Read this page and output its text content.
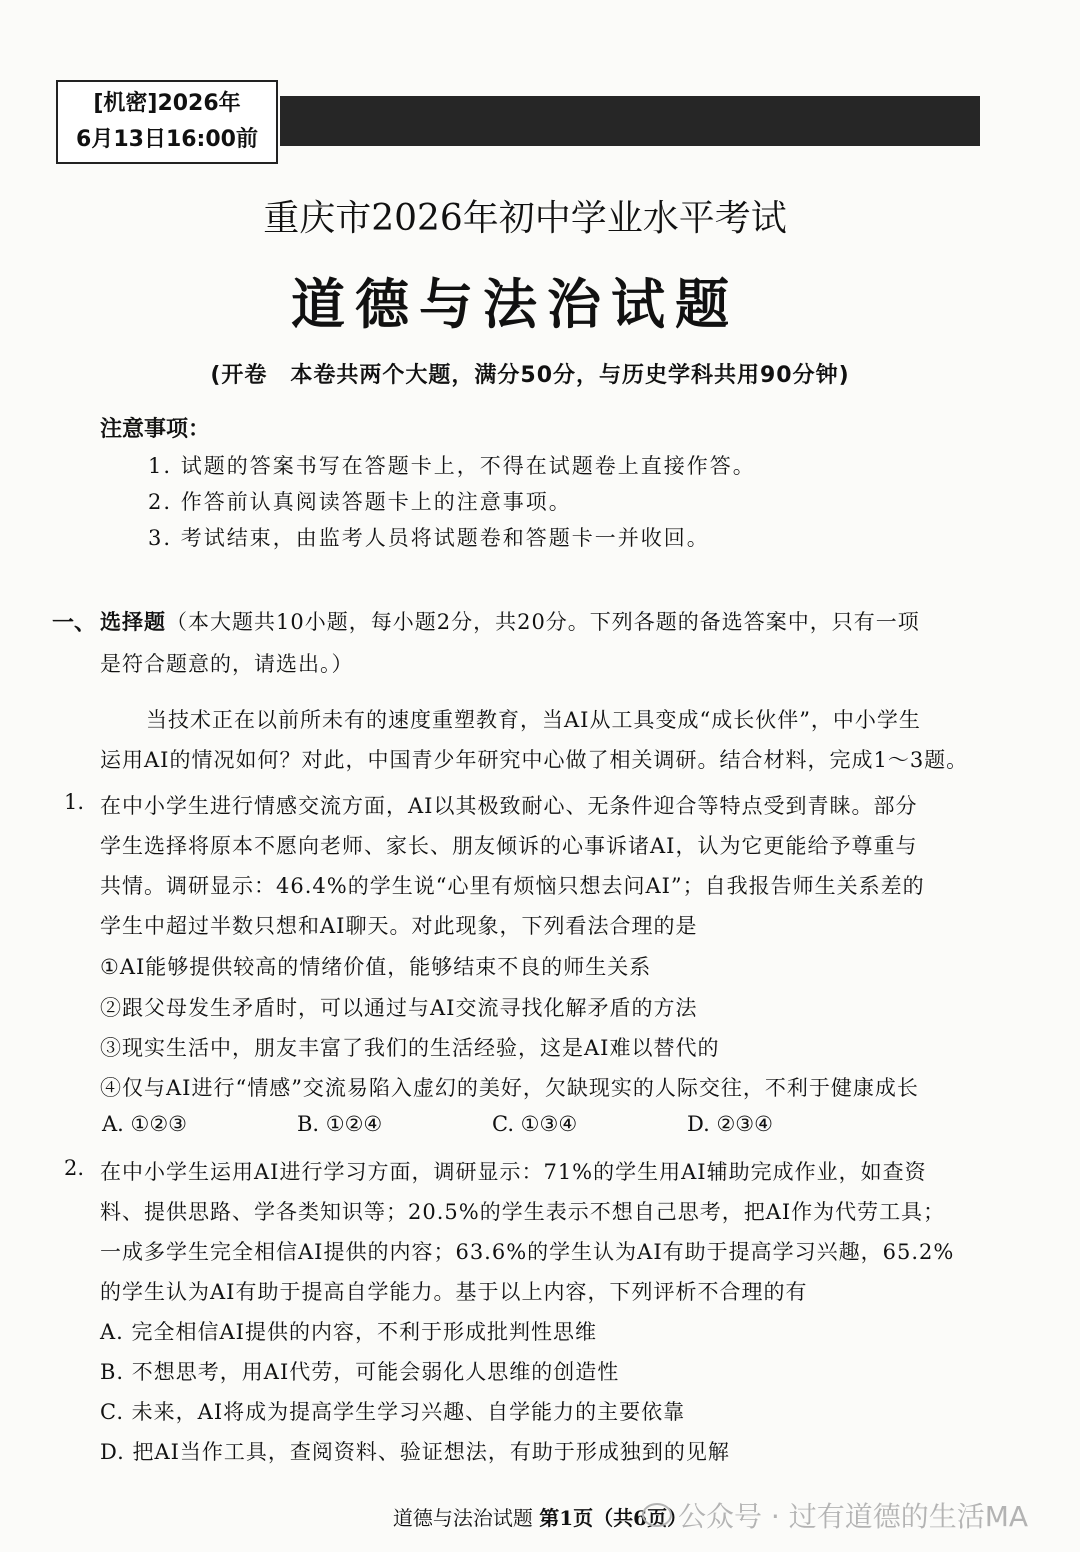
[机密]2026年
6月13日16:00前
重庆市2026年初中学业水平考试
道德与法治试题
(开卷　本卷共两个大题，满分50分，与历史学科共用90分钟)
注意事项：
1. 试题的答案书写在答题卡上，不得在试题卷上直接作答。
2. 作答前认真阅读答题卡上的注意事项。
3. 考试结束，由监考人员将试题卷和答题卡一并收回。
一、 选择题（本大题共10小题，每小题2分，共20分。下列各题的备选答案中，只有一项
是符合题意的，请选出。）
当技术正在以前所未有的速度重塑教育，当AI从工具变成“成长伙伴”，中小学生
运用AI的情况如何？对此，中国青少年研究中心做了相关调研。结合材料，完成1～3题。
1. 在中小学生进行情感交流方面，AI以其极致耐心、无条件迎合等特点受到青睐。部分
学生选择将原本不愿向老师、家长、朋友倾诉的心事诉诸AI，认为它更能给予尊重与
共情。调研显示：46.4%的学生说“心里有烦恼只想去问AI”；自我报告师生关系差的
学生中超过半数只想和AI聊天。对此现象，下列看法合理的是
①AI能够提供较高的情绪价值，能够结束不良的师生关系
②跟父母发生矛盾时，可以通过与AI交流寻找化解矛盾的方法
③现实生活中，朋友丰富了我们的生活经验，这是AI难以替代的
④仅与AI进行“情感”交流易陷入虚幻的美好，欠缺现实的人际交往，不利于健康成长
A. ①②③	B. ①②④	C. ①③④	D. ②③④
2. 在中小学生运用AI进行学习方面，调研显示：71%的学生用AI辅助完成作业，如查资
料、提供思路、学各类知识等；20.5%的学生表示不想自己思考，把AI作为代劳工具；
一成多学生完全相信AI提供的内容；63.6%的学生认为AI有助于提高学习兴趣，65.2%
的学生认为AI有助于提高自学能力。基于以上内容，下列评析不合理的有
A. 完全相信AI提供的内容，不利于形成批判性思维
B. 不想思考，用AI代劳，可能会弱化人思维的创造性
C. 未来，AI将成为提高学生学习兴趣、自学能力的主要依靠
D. 把AI当作工具，查阅资料、验证想法，有助于形成独到的见解
道德与法治试题 第1页（共6页）
公众号 · 过有道德的生活MA
